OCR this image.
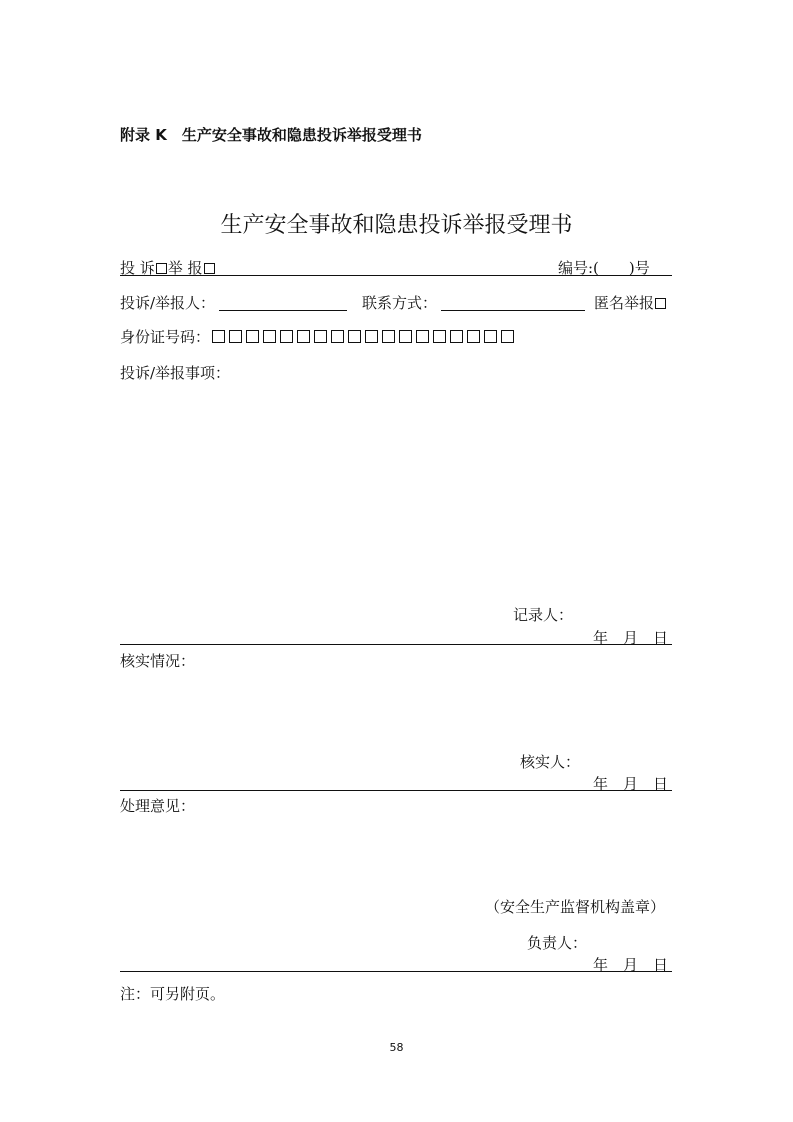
附录 K　生产安全事故和隐患投诉举报受理书
生产安全事故和隐患投诉举报受理书
投 诉 举 报	编号:(　　)号
投诉/举报人：	联系方式：	匿名举报
身份证号码：
投诉/举报事项：
记录人：
年　月　日
核实情况：
核实人：
年　月　日
处理意见：
（安全生产监督机构盖章）
负责人：
年　月　日
注：可另附页。
58
